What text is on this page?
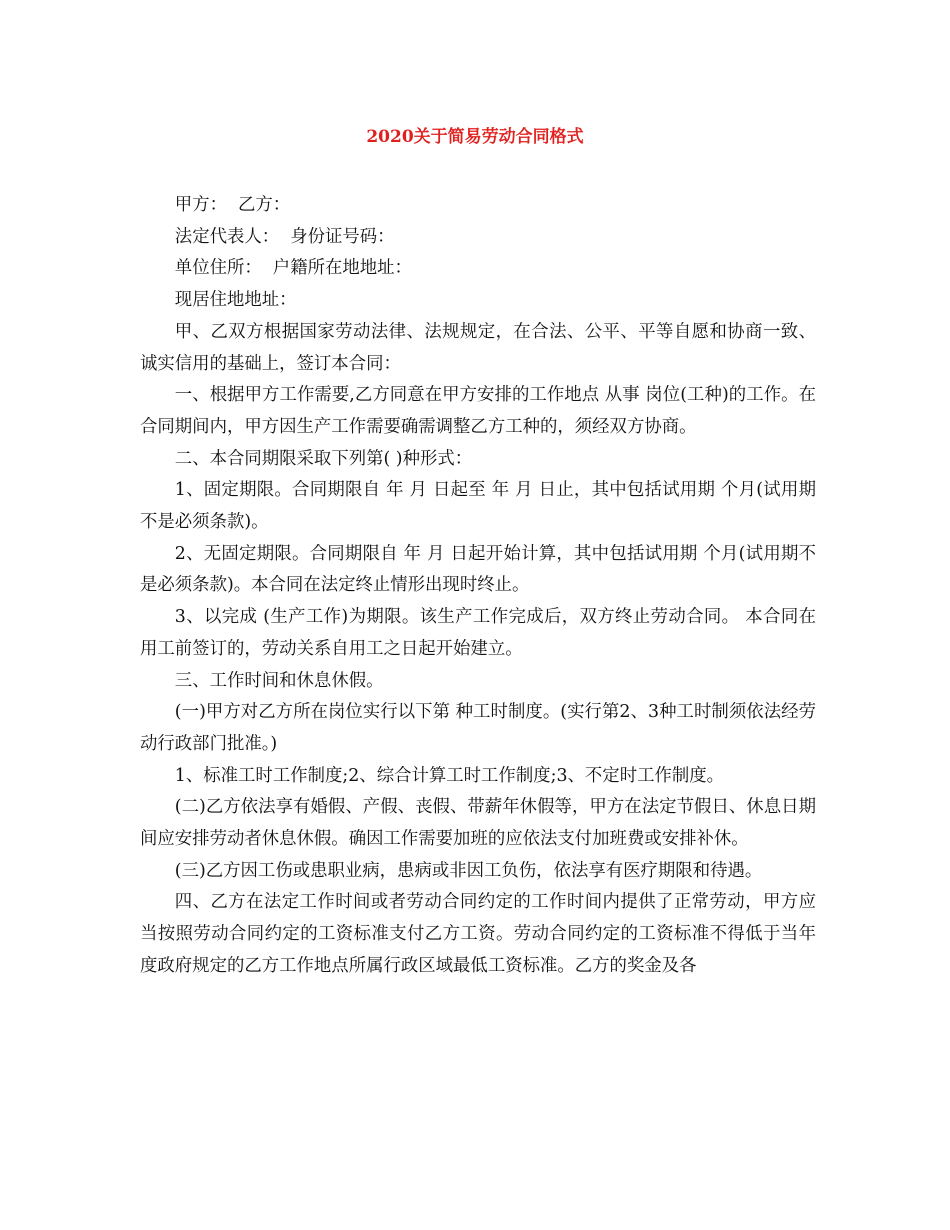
2020关于简易劳动合同格式

甲方：  乙方：

法定代表人：  身份证号码：

单位住所：  户籍所在地地址：

现居住地地址：

甲、乙双方根据国家劳动法律、法规规定，在合法、公平、平等自愿和协商一致、诚实信用的基础上，签订本合同：

一、根据甲方工作需要,乙方同意在甲方安排的工作地点 从事 岗位(工种)的工作。在合同期间内，甲方因生产工作需要确需调整乙方工种的，须经双方协商。

二、本合同期限采取下列第( )种形式：

1、固定期限。合同期限自 年 月 日起至 年 月 日止，其中包括试用期 个月(试用期不是必须条款)。

2、无固定期限。合同期限自 年 月 日起开始计算，其中包括试用期 个月(试用期不是必须条款)。本合同在法定终止情形出现时终止。

3、以完成 (生产工作)为期限。该生产工作完成后，双方终止劳动合同。 本合同在用工前签订的，劳动关系自用工之日起开始建立。

三、工作时间和休息休假。

(一)甲方对乙方所在岗位实行以下第 种工时制度。(实行第2、3种工时制须依法经劳动行政部门批准。)

1、标准工时工作制度;2、综合计算工时工作制度;3、不定时工作制度。

(二)乙方依法享有婚假、产假、丧假、带薪年休假等，甲方在法定节假日、休息日期间应安排劳动者休息休假。确因工作需要加班的应依法支付加班费或安排补休。

(三)乙方因工伤或患职业病，患病或非因工负伤，依法享有医疗期限和待遇。

四、乙方在法定工作时间或者劳动合同约定的工作时间内提供了正常劳动，甲方应当按照劳动合同约定的工资标准支付乙方工资。劳动合同约定的工资标准不得低于当年度政府规定的乙方工作地点所属行政区域最低工资标准。乙方的奖金及各
